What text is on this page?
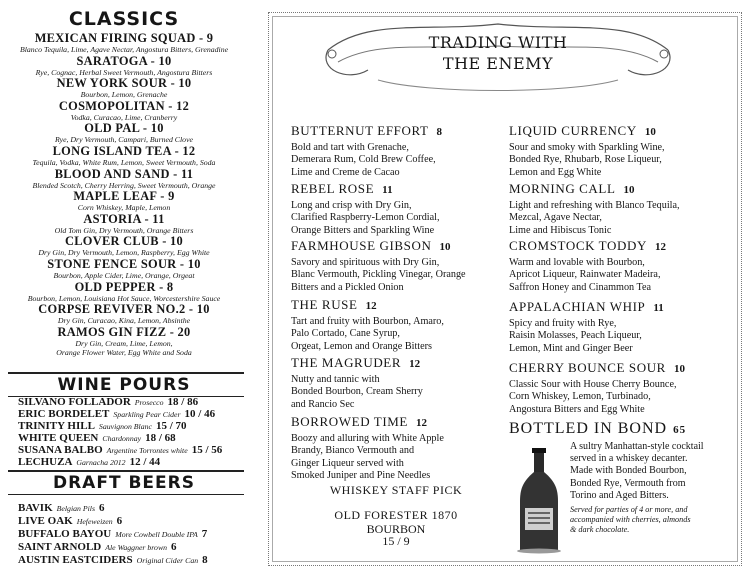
CLASSICS
MEXICAN FIRING SQUAD - 9
Blanco Tequila, Lime, Agave Nectar, Angostura Bitters, Grenadine
SARATOGA - 10
Rye, Cognac, Herbal Sweet Vermouth, Angostura Bitters
NEW YORK SOUR - 10
Bourbon, Lemon, Grenache
COSMOPOLITAN - 12
Vodka, Curacao, Lime, Cranberry
OLD PAL - 10
Rye, Dry Vermouth, Campari, Burned Clove
LONG ISLAND TEA - 12
Tequila, Vodka, White Rum, Lemon, Sweet Vermouth, Soda
BLOOD AND SAND - 11
Blended Scotch, Cherry Herring, Sweet Vermouth, Orange
MAPLE LEAF - 9
Corn Whiskey, Maple, Lemon
ASTORIA - 11
Old Tom Gin, Dry Vermouth, Orange Bitters
CLOVER CLUB - 10
Dry Gin, Dry Vermouth, Lemon, Raspberry, Egg White
STONE FENCE SOUR - 10
Bourbon, Apple Cider, Lime, Orange, Orgeat
OLD PEPPER - 8
Bourbon, Lemon, Louisiana Hot Sauce, Worcestershire Sauce
CORPSE REVIVER NO.2 - 10
Dry Gin, Curacao, Kina, Lemon, Absinthe
RAMOS GIN FIZZ - 20
Dry Gin, Cream, Lime, Lemon,
Orange Flower Water, Egg White and Soda
WINE POURS
SILVANO FOLLADOR Prosecco 18 / 86
ERIC BORDELET Sparkling Pear Cider 10 / 46
TRINITY HILL Sauvignon Blanc 15 / 70
WHITE QUEEN Chardonnay 18 / 68
SUSANA BALBO Argentine Torrontes white 15 / 56
LECHUZA Garnacha 2012 12 / 44
DRAFT BEERS
BAVIK Belgian Pils 6
LIVE OAK Hefeweizen 6
BUFFALO BAYOU More Cowbell Double IPA 7
SAINT ARNOLD Ale Waggner brown 6
AUSTIN EASTCIDERS Original Cider Can 8
TRADING WITH
THE ENEMY
BUTTERNUT EFFORT 8
Bold and tart with Grenache,
Demerara Rum, Cold Brew Coffee,
Lime and Creme de Cacao
REBEL ROSE 11
Long and crisp with Dry Gin,
Clarified Raspberry-Lemon Cordial,
Orange Bitters and Sparkling Wine
FARMHOUSE GIBSON 10
Savory and spirituous with Dry Gin,
Blanc Vermouth, Pickling Vinegar, Orange
Bitters and a Pickled Onion
THE RUSE 12
Tart and fruity with Bourbon, Amaro,
Palo Cortado, Cane Syrup,
Orgeat, Lemon and Orange Bitters
THE MAGRUDER 12
Nutty and tannic with
Bonded Bourbon, Cream Sherry
and Rancio Sec
BORROWED TIME 12
Boozy and alluring with White Apple
Brandy, Bianco Vermouth and
Ginger Liqueur served with
Smoked Juniper and Pine Needles
WHISKEY STAFF PICK
OLD FORESTER 1870
BOURBON
15 / 9
LIQUID CURRENCY 10
Sour and smoky with Sparkling Wine,
Bonded Rye, Rhubarb, Rose Liqueur,
Lemon and Egg White
MORNING CALL 10
Light and refreshing with Blanco Tequila,
Mezcal, Agave Nectar,
Lime and Hibiscus Tonic
CROMSTOCK TODDY 12
Warm and lovable with Bourbon,
Apricot Liqueur, Rainwater Madeira,
Saffron Honey and Cinammon Tea
APPALACHIAN WHIP 11
Spicy and fruity with Rye,
Raisin Molasses, Peach Liqueur,
Lemon, Mint and Ginger Beer
CHERRY BOUNCE SOUR 10
Classic Sour with House Cherry Bounce,
Corn Whiskey, Lemon, Turbinado,
Angostura Bitters and Egg White
BOTTLED IN BOND 65
A sultry Manhattan-style cocktail
served in a whiskey decanter.
Made with Bonded Bourbon,
Bonded Rye, Vermouth from
Torino and Aged Bitters.
Served for parties of 4 or more, and
accompanied with cherries, almonds
& dark chocolate.
